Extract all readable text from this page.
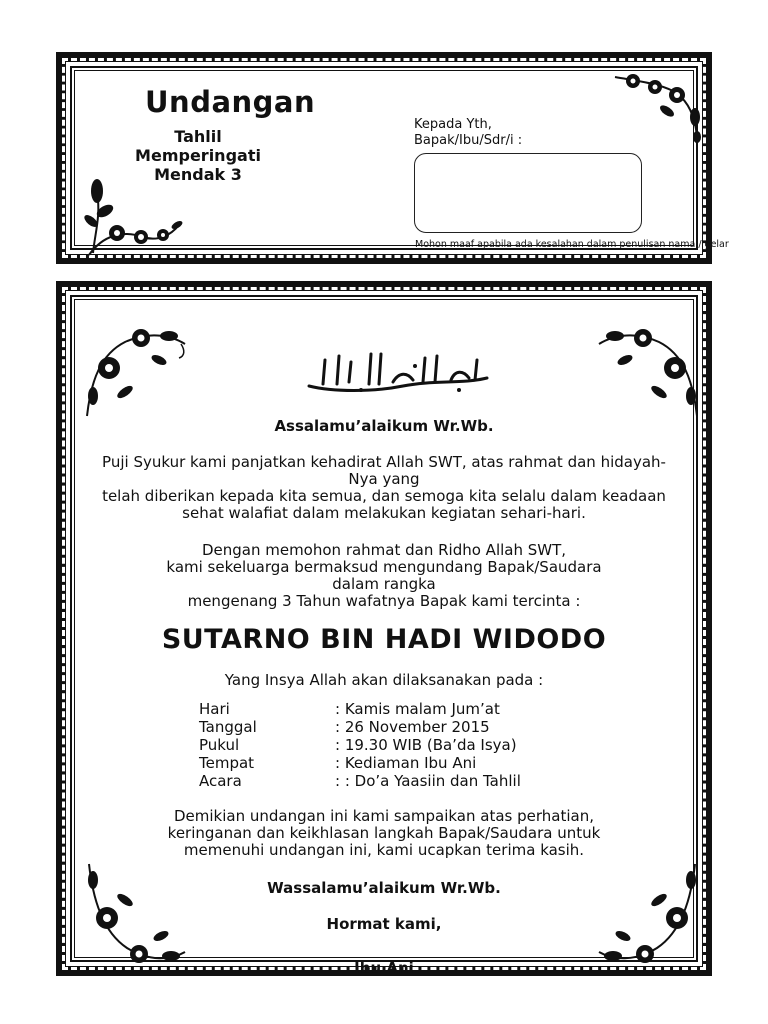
Undangan
Tahlil
Memperingati
Mendak 3
Kepada Yth,
Bapak/Ibu/Sdr/i :
Mohon maaf apabila ada kesalahan dalam penulisan nama / gelar
Assalamu’alaikum Wr.Wb.
Puji Syukur kami panjatkan kehadirat Allah SWT, atas rahmat dan hidayah-
Nya yang
telah diberikan kepada kita semua, dan semoga kita selalu dalam keadaan
sehat walafiat dalam melakukan kegiatan sehari-hari.
Dengan memohon rahmat dan Ridho Allah SWT,
kami sekeluarga bermaksud mengundang Bapak/Saudara
dalam rangka
mengenang 3 Tahun wafatnya Bapak kami tercinta :
SUTARNO BIN HADI WIDODO
Yang Insya Allah akan dilaksanakan pada :
Hari	: Kamis malam Jum’at
Tanggal	: 26 November 2015
Pukul	: 19.30 WIB (Ba’da Isya)
Tempat	: Kediaman Ibu Ani
Acara	: : Do’a Yaasiin dan Tahlil
Demikian undangan ini kami sampaikan atas perhatian,
keringanan dan keikhlasan langkah Bapak/Saudara untuk
memenuhi undangan ini, kami ucapkan terima kasih.
Wassalamu’alaikum Wr.Wb.
Hormat kami,
Ibu Ani
